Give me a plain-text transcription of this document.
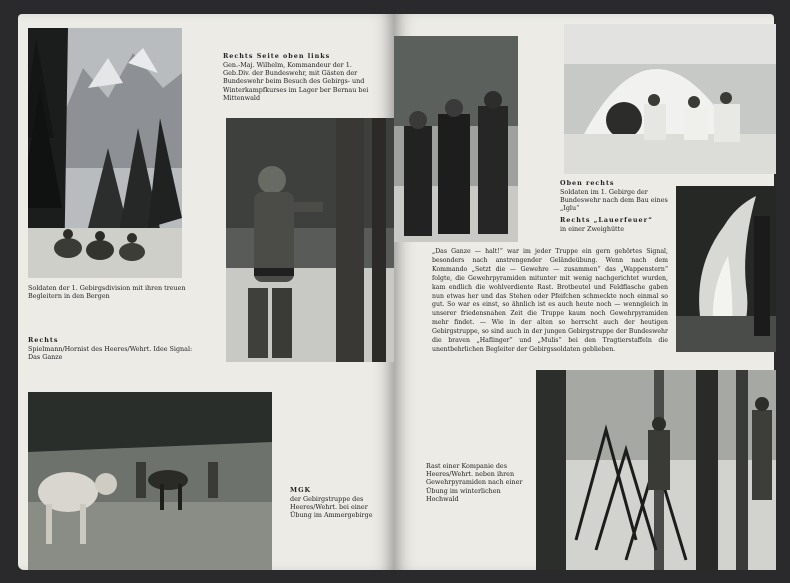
Soldaten der 1. Gebirgsdivision mit ihren treuen Begleitern in den Bergen
Rechts Seite oben links
Gen.-Maj. Wilhelm, Kommandeur der 1. Geb.Div. der Bundeswehr, mit Gästen der Bundeswehr beim Besuch des Gebirgs- und Winterkampfkurses im Lager ber Bernau bei Mittenwald
Rechts
Spielmann/Hornist des Heeres/Wehrt. Idee Signal: Das Ganze
MGK
der Gebirgstruppe des Heeres/Wehrt. bei einer Übung im Ammergebirge
Oben rechts
Soldaten im 1. Gebirge der Bundeswehr nach dem Bau eines „Iglu“
Rechts „Lauerfeuer“
in einer Zweighütte
„Das Ganze — halt!“ war im jeder Truppe ein gern gehörtes Signal, besonders nach anstrengender Geländeübung. Wenn nach dem Kommando „Setzt die — Gewehre — zusammen“ das „Wappenstern“ folgte, die Gewehrpyramiden mitunter mit wenig nachgerichtet wurden, kam endlich die wohlverdiente Rast. Brotbeutel und Feldflasche gaben nun etwas her und das Stehen oder Pfeifchen schmeckte noch einmal so gut. So war es einst, so ähnlich ist es auch heute noch — wenngleich in unserer friedensnahen Zeit die Truppe kaum noch Gewehrpyramiden mehr findet. — Wie in der alten so herrscht auch der heutigen Gebirgstruppe, so sind auch in der jungen Gebirgstruppe der Bundeswehr die braven „Haflinger“ und „Mulis“ bei den Tragtierstaffeln die unentbehrlichen Begleiter der Gebirgssoldaten geblieben.
Rast einer Kompanie des Heeres/Wehrt. neben ihren Gewehrpyramiden nach einer Übung im winterlichen Hochwald
